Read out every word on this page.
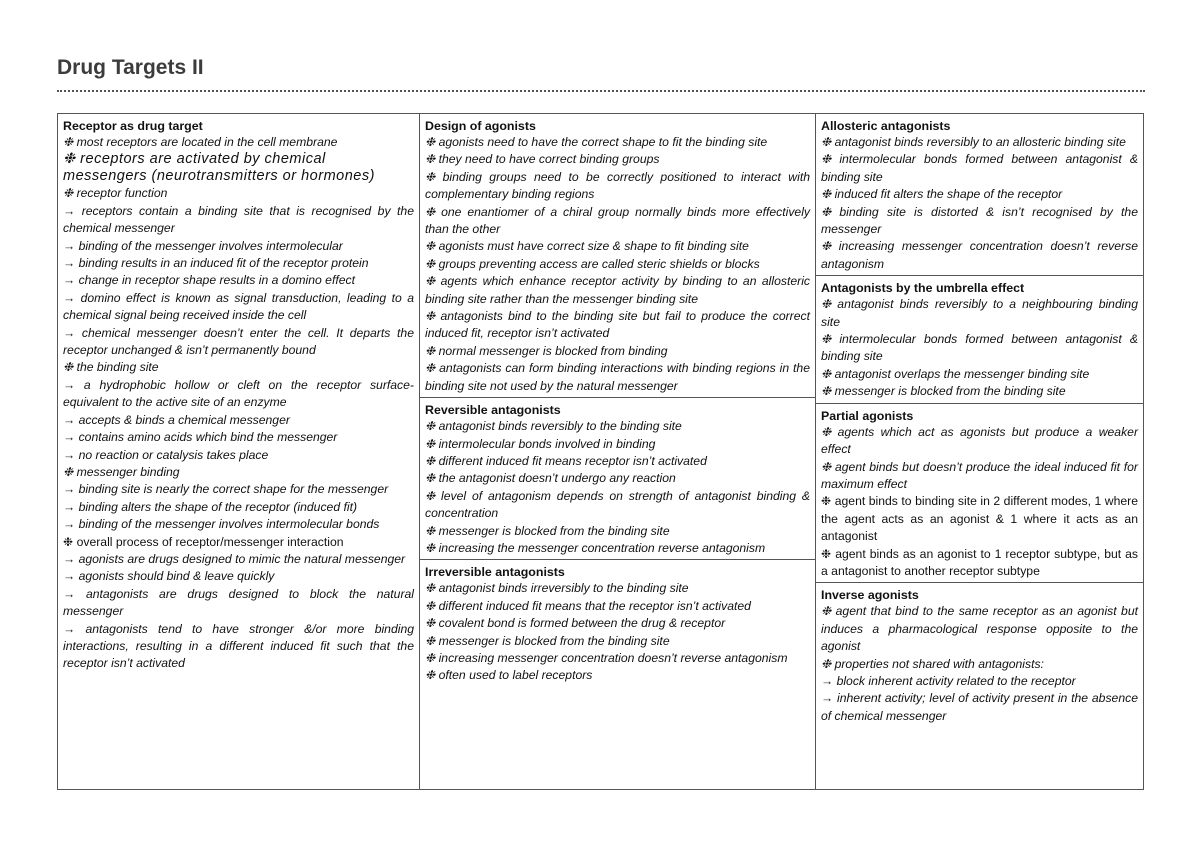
Drug Targets II
Receptor as drug target
❉ most receptors are located in the cell membrane
❉ receptors are activated by chemical messengers (neurotransmitters or hormones)
❉ receptor function
→ receptors contain a binding site that is recognised by the chemical messenger
→ binding of the messenger involves intermolecular
→ binding results in an induced fit of the receptor protein
→ change in receptor shape results in a domino effect
→ domino effect is known as signal transduction, leading to a chemical signal being received inside the cell
→ chemical messenger doesn’t enter the cell. It departs the receptor unchanged & isn’t permanently bound
❉ the binding site
→ a hydrophobic hollow or cleft on the receptor surface- equivalent to the active site of an enzyme
→ accepts & binds a chemical messenger
→ contains amino acids which bind the messenger
→ no reaction or catalysis takes place
❉ messenger binding
→ binding site is nearly the correct shape for the messenger
→ binding alters the shape of the receptor (induced fit)
→ binding of the messenger involves intermolecular bonds
❉ overall process of receptor/messenger interaction
→ agonists are drugs designed to mimic the natural messenger
→ agonists should bind & leave quickly
→ antagonists are drugs designed to block the natural messenger
→ antagonists tend to have stronger &/or more binding interactions, resulting in a different induced fit such that the receptor isn’t activated
Design of agonists
❉ agonists need to have the correct shape to fit the binding site
❉ they need to have correct binding groups
❉ binding groups need to be correctly positioned to interact with complementary binding regions
❉ one enantiomer of a chiral group normally binds more effectively than the other
❉ agonists must have correct size & shape to fit binding site
❉ groups preventing access are called steric shields or blocks
❉ agents which enhance receptor activity by binding to an allosteric binding site rather than the messenger binding site
❉ antagonists bind to the binding site but fail to produce the correct induced fit, receptor isn’t activated
❉ normal messenger is blocked from binding
❉ antagonists can form binding interactions with binding regions in the binding site not used by the natural messenger
Reversible antagonists
❉ antagonist binds reversibly to the binding site
❉ intermolecular bonds involved in binding
❉ different induced fit means receptor isn’t activated
❉ the antagonist doesn’t undergo any reaction
❉ level of antagonism depends on strength of antagonist binding & concentration
❉ messenger is blocked from the binding site
❉ increasing the messenger concentration reverse antagonism
Irreversible antagonists
❉ antagonist binds irreversibly to the binding site
❉ different induced fit means that the receptor isn’t activated
❉ covalent bond is formed between the drug & receptor
❉ messenger is blocked from the binding site
❉ increasing messenger concentration doesn’t reverse antagonism
❉ often used to label receptors
Allosteric antagonists
❉ antagonist binds reversibly to an allosteric binding site
❉ intermolecular bonds formed between antagonist & binding site
❉ induced fit alters the shape of the receptor
❉ binding site is distorted & isn’t recognised by the messenger
❉ increasing messenger concentration doesn’t reverse antagonism
Antagonists by the umbrella effect
❉ antagonist binds reversibly to a neighbouring binding site
❉ intermolecular bonds formed between antagonist & binding site
❉ antagonist overlaps the messenger binding site
❉ messenger is blocked from the binding site
Partial agonists
❉ agents which act as agonists but produce a weaker effect
❉ agent binds but doesn’t produce the ideal induced fit for maximum effect
❉ agent binds to binding site in 2 different modes, 1 where the agent acts as an agonist & 1 where it acts as an antagonist
❉ agent binds as an agonist to 1 receptor subtype, but as a antagonist to another receptor subtype
Inverse agonists
❉ agent that bind to the same receptor as an agonist but induces a pharmacological response opposite to the agonist
❉ properties not shared with antagonists:
→ block inherent activity related to the receptor
→ inherent activity; level of activity present in the absence of chemical messenger
